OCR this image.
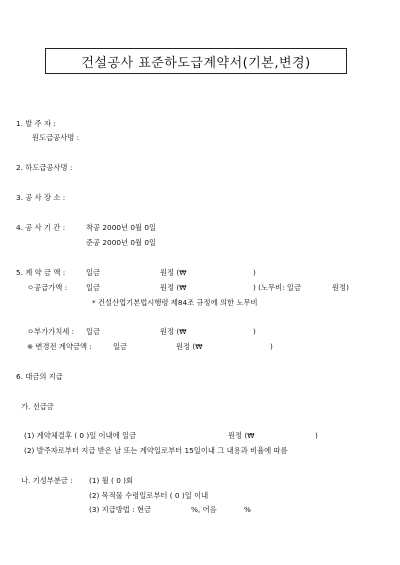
건설공사 표준하도급계약서(기본,변경)
1. 발 주 자 :
원도급공사명 :
2. 하도급공사명 :
3. 공 사 장 소 :
4. 공 사 기 간 :	착공 2000년 0월 0일
준공 2000년 0월 0일
5. 계 약 금 액 :	일금	원정 (₩	)
ㅇ공급가액 :	일금	원정 (₩	) (노무비: 일금	원정)
* 건설산업기본법시행령 제84조 규정에 의한 노무비
ㅇ부가가치세 : 일금	원정 (₩	)
※ 변경전 계약금액 :	일금	원정 (₩	)
6. 대금의 지급
가. 선급금
(1) 계약체결후 ( 0 )일 이내에 일금	원정 (₩	)
(2) 발주자로부터 지급 받은 날 또는 계약일로부터 15일이내 그 내용과 비율에 따름
나. 기성부분금 : (1) 월 ( 0 )회
(2) 목적물 수령일로부터 ( 0 )일 이내
(3) 지급방법 : 현금	%, 어음	%
